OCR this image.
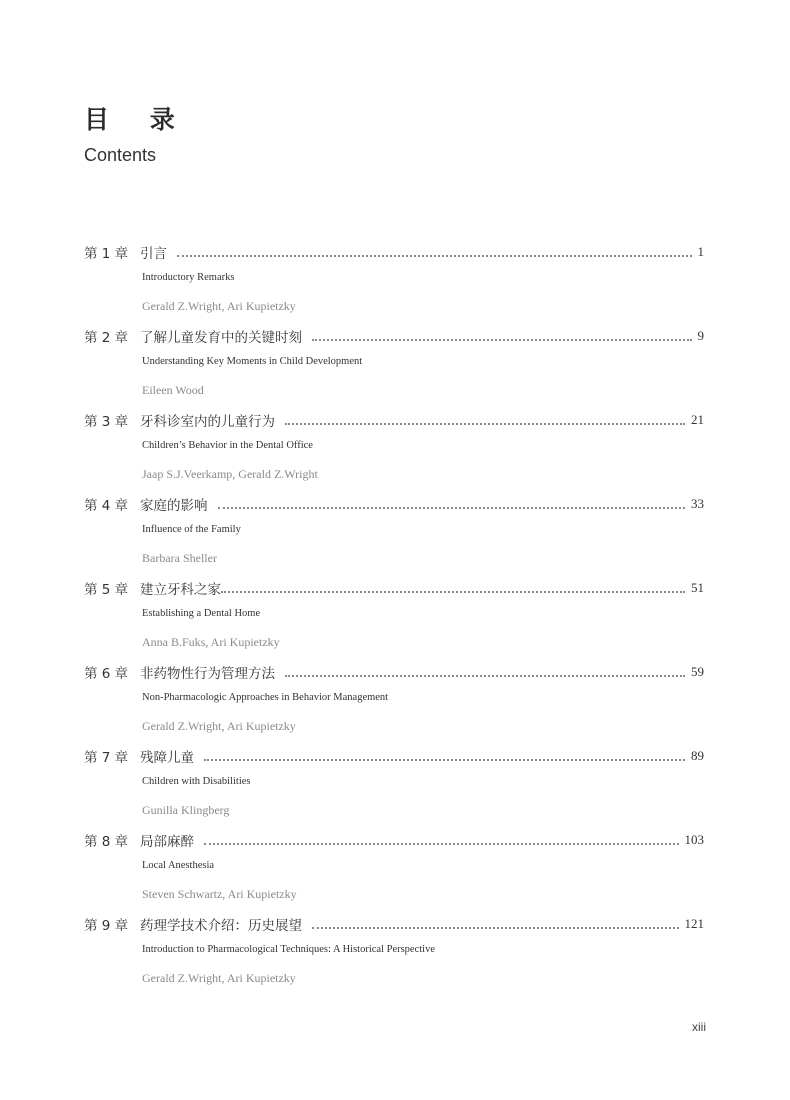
目 录
Contents
第 1 章 引言	1
Introductory Remarks
Gerald Z.Wright, Ari Kupietzky
第 2 章 了解儿童发育中的关键时刻	9
Understanding Key Moments in Child Development
Eileen Wood
第 3 章 牙科诊室内的儿童行为	21
Children’s Behavior in the Dental Office
Jaap S.J.Veerkamp, Gerald Z.Wright
第 4 章 家庭的影响	33
Influence of the Family
Barbara Sheller
第 5 章 建立牙科之家	51
Establishing a Dental Home
Anna B.Fuks, Ari Kupietzky
第 6 章 非药物性行为管理方法	59
Non-Pharmacologic Approaches in Behavior Management
Gerald Z.Wright, Ari Kupietzky
第 7 章 残障儿童	89
Children with Disabilities
Gunilla Klingberg
第 8 章 局部麻醉	103
Local Anesthesia
Steven Schwartz, Ari Kupietzky
第 9 章 药理学技术介绍：历史展望	121
Introduction to Pharmacological Techniques: A Historical Perspective
Gerald Z.Wright, Ari Kupietzky
xiii
